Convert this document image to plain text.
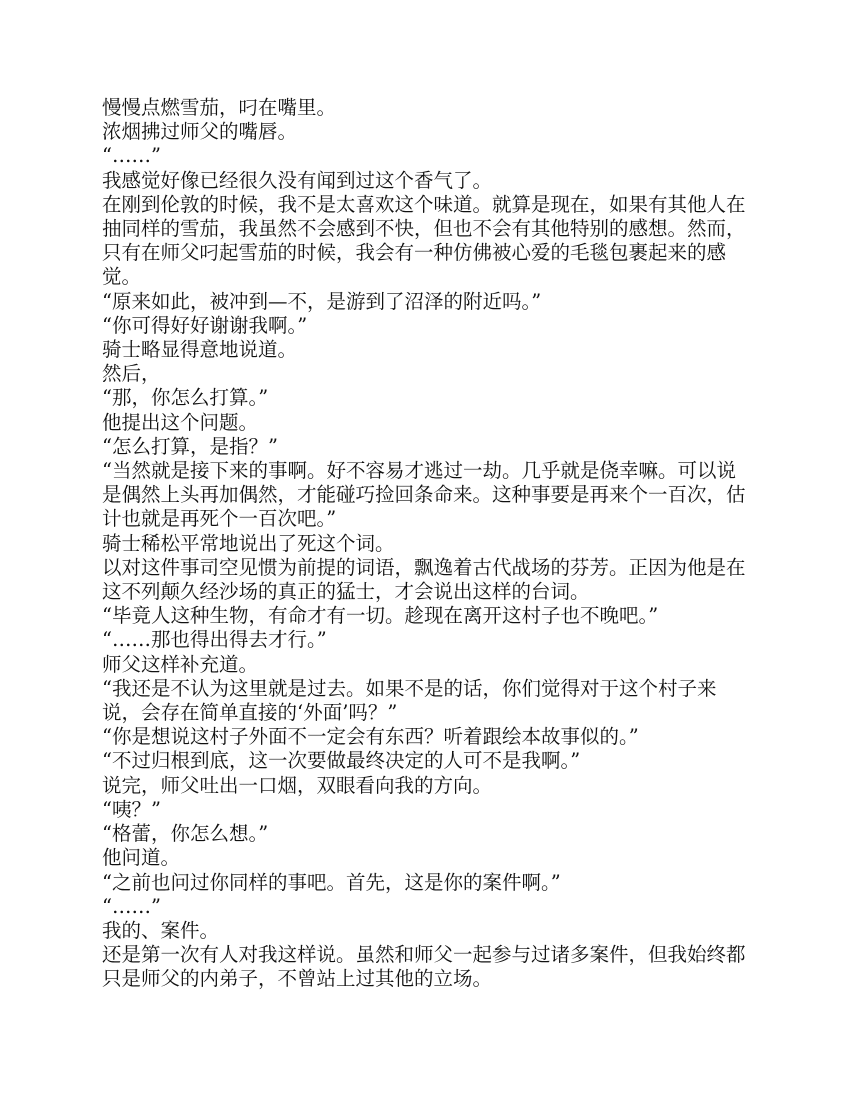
慢慢点燃雪茄，叼在嘴里。

浓烟拂过师父的嘴唇。

“……”

我感觉好像已经很久没有闻到过这个香气了。

在刚到伦敦的时候，我不是太喜欢这个味道。就算是现在，如果有其他人在抽同样的雪茄，我虽然不会感到不快，但也不会有其他特别的感想。然而，只有在师父叼起雪茄的时候，我会有一种仿佛被心爱的毛毯包裹起来的感觉。

“原来如此，被冲到—不，是游到了沼泽的附近吗。”

“你可得好好谢谢我啊。”

骑士略显得意地说道。

然后，

“那，你怎么打算。”

他提出这个问题。

“怎么打算，是指？”

“当然就是接下来的事啊。好不容易才逃过一劫。几乎就是侥幸嘛。可以说是偶然上头再加偶然，才能碰巧捡回条命来。这种事要是再来个一百次，估计也就是再死个一百次吧。”

骑士稀松平常地说出了死这个词。

以对这件事司空见惯为前提的词语，飘逸着古代战场的芬芳。正因为他是在这不列颠久经沙场的真正的猛士，才会说出这样的台词。

“毕竟人这种生物，有命才有一切。趁现在离开这村子也不晚吧。”

“……那也得出得去才行。”

师父这样补充道。

“我还是不认为这里就是过去。如果不是的话，你们觉得对于这个村子来说，会存在简单直接的‘外面’吗？”

“你是想说这村子外面不一定会有东西？听着跟绘本故事似的。”

“不过归根到底，这一次要做最终决定的人可不是我啊。”

说完，师父吐出一口烟，双眼看向我的方向。

“咦？”

“格蕾，你怎么想。”

他问道。

“之前也问过你同样的事吧。首先，这是你的案件啊。”

“……”

我的、案件。

还是第一次有人对我这样说。虽然和师父一起参与过诸多案件，但我始终都只是师父的内弟子，不曾站上过其他的立场。
